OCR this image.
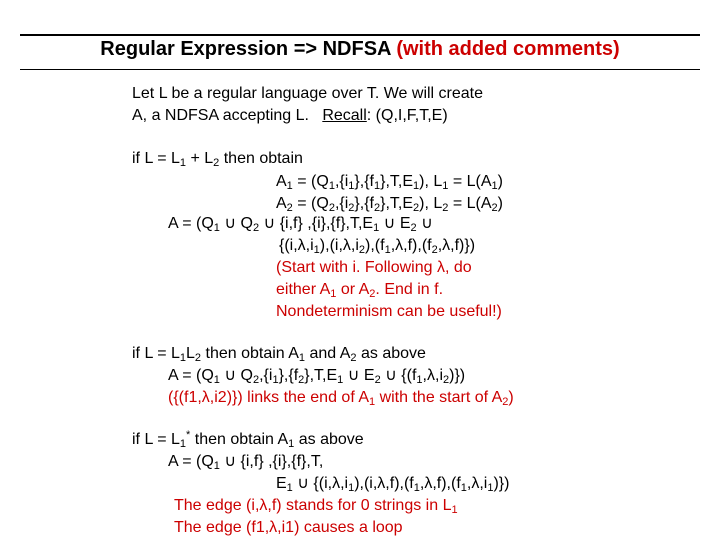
Regular Expression => NDFSA (with added comments)
Let L be a regular language over T. We will create
A, a NDFSA accepting L.   Recall: (Q,I,F,T,E)
if $L = L_1 + L_2$ then obtain
$A_1 = (Q_1,\{i_1\},\{f_1\},T,E_1)$, $L_1 = L(A_1)$
$A_2 = (Q_2,\{i_2\},\{f_2\},T,E_2)$, $L_2 = L(A_2)$
$A = (Q_1$ ∪ $Q_2$ ∪ {i,f} $,\{i\},\{f\},T,E_1$ ∪ $E_2$ ∪
$\{(i,\lambda,i_1),(i,\lambda,i_2),(f_1,\lambda,f),(f_2,\lambda,f)\}$)
(Start with i. Following λ, do
either $A_1$ or $A_2$. End in f.
Nondeterminism can be useful!)
if $L = L_1L_2$ then obtain $A_1$ and $A_2$ as above
$A = (Q_1$ ∪ $Q_2,\{i_1\},\{f_2\},T,E_1$ ∪ $E_2$ ∪ $\{(f_1,\lambda,i_2)\}$)
({(f1,λ,i2)}) links the end of $A_1$ with the start of $A_2$)
if $L = L_1^*$ then obtain $A_1$ as above
$A = (Q_1$ ∪ {i,f} ,{i},{f},T,
$E_1$ ∪ $\{(i,\lambda,i_1),(i,\lambda,f),(f_1,\lambda,f),(f_1,\lambda,i_1)\}$)
The edge (i,λ,f) stands for 0 strings in $L_1$
The edge (f1,λ,i1) causes a loop
